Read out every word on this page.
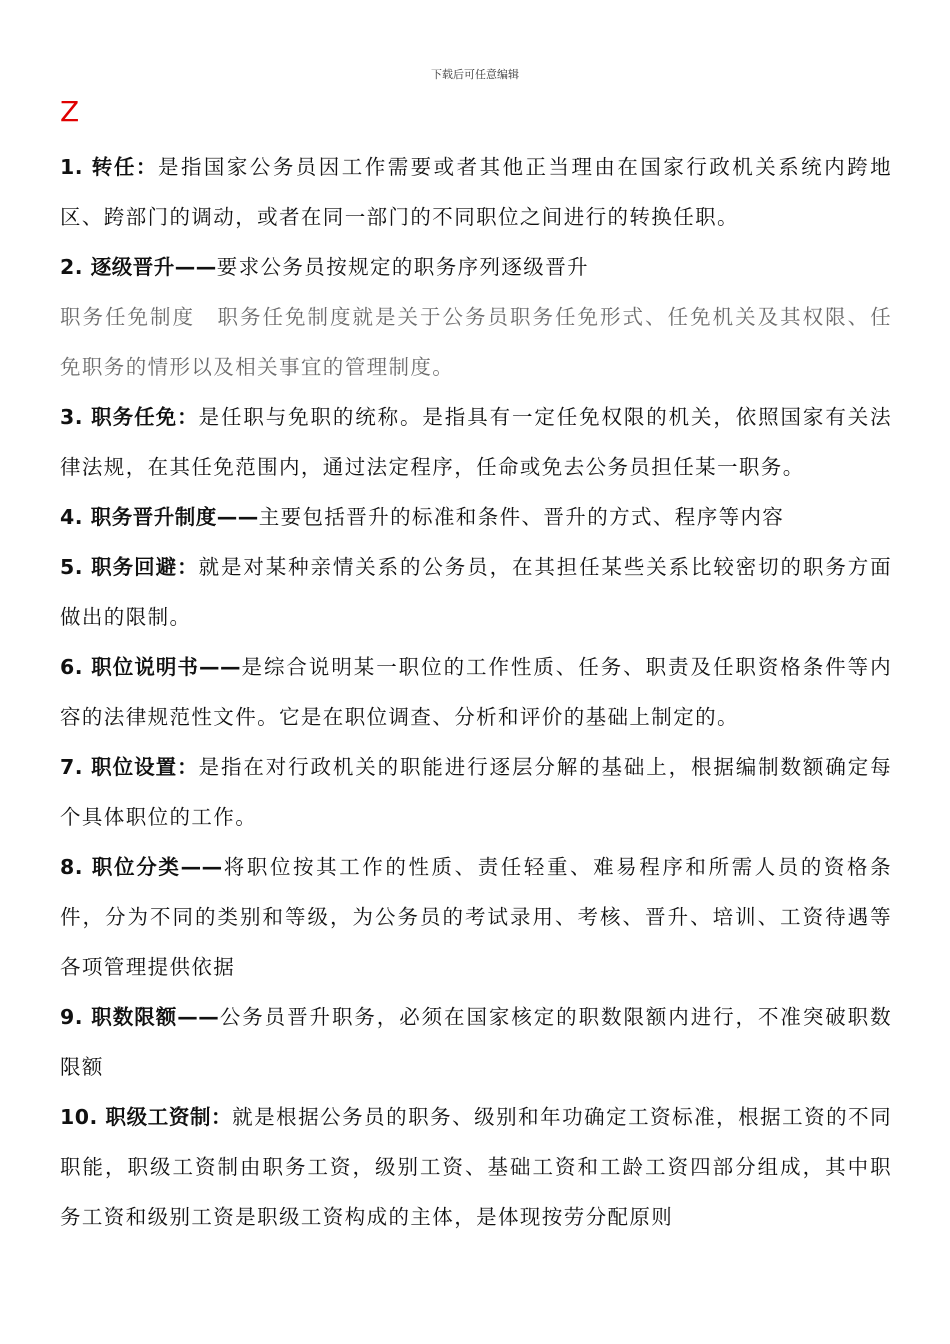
下载后可任意编辑
Z
1. 转任：是指国家公务员因工作需要或者其他正当理由在国家行政机关系统内跨地区、跨部门的调动，或者在同一部门的不同职位之间进行的转换任职。
2. 逐级晋升——要求公务员按规定的职务序列逐级晋升
职务任免制度　职务任免制度就是关于公务员职务任免形式、任免机关及其权限、任免职务的情形以及相关事宜的管理制度。
3. 职务任免：是任职与免职的统称。是指具有一定任免权限的机关，依照国家有关法律法规，在其任免范围内，通过法定程序，任命或免去公务员担任某一职务。
4. 职务晋升制度——主要包括晋升的标准和条件、晋升的方式、程序等内容
5. 职务回避：就是对某种亲情关系的公务员，在其担任某些关系比较密切的职务方面做出的限制。
6. 职位说明书——是综合说明某一职位的工作性质、任务、职责及任职资格条件等内容的法律规范性文件。它是在职位调查、分析和评价的基础上制定的。
7. 职位设置：是指在对行政机关的职能进行逐层分解的基础上，根据编制数额确定每个具体职位的工作。
8. 职位分类——将职位按其工作的性质、责任轻重、难易程序和所需人员的资格条件，分为不同的类别和等级，为公务员的考试录用、考核、晋升、培训、工资待遇等各项管理提供依据
9. 职数限额——公务员晋升职务，必须在国家核定的职数限额内进行，不准突破职数限额
10. 职级工资制：就是根据公务员的职务、级别和年功确定工资标准，根据工资的不同职能，职级工资制由职务工资，级别工资、基础工资和工龄工资四部分组成，其中职务工资和级别工资是职级工资构成的主体，是体现按劳分配原则
